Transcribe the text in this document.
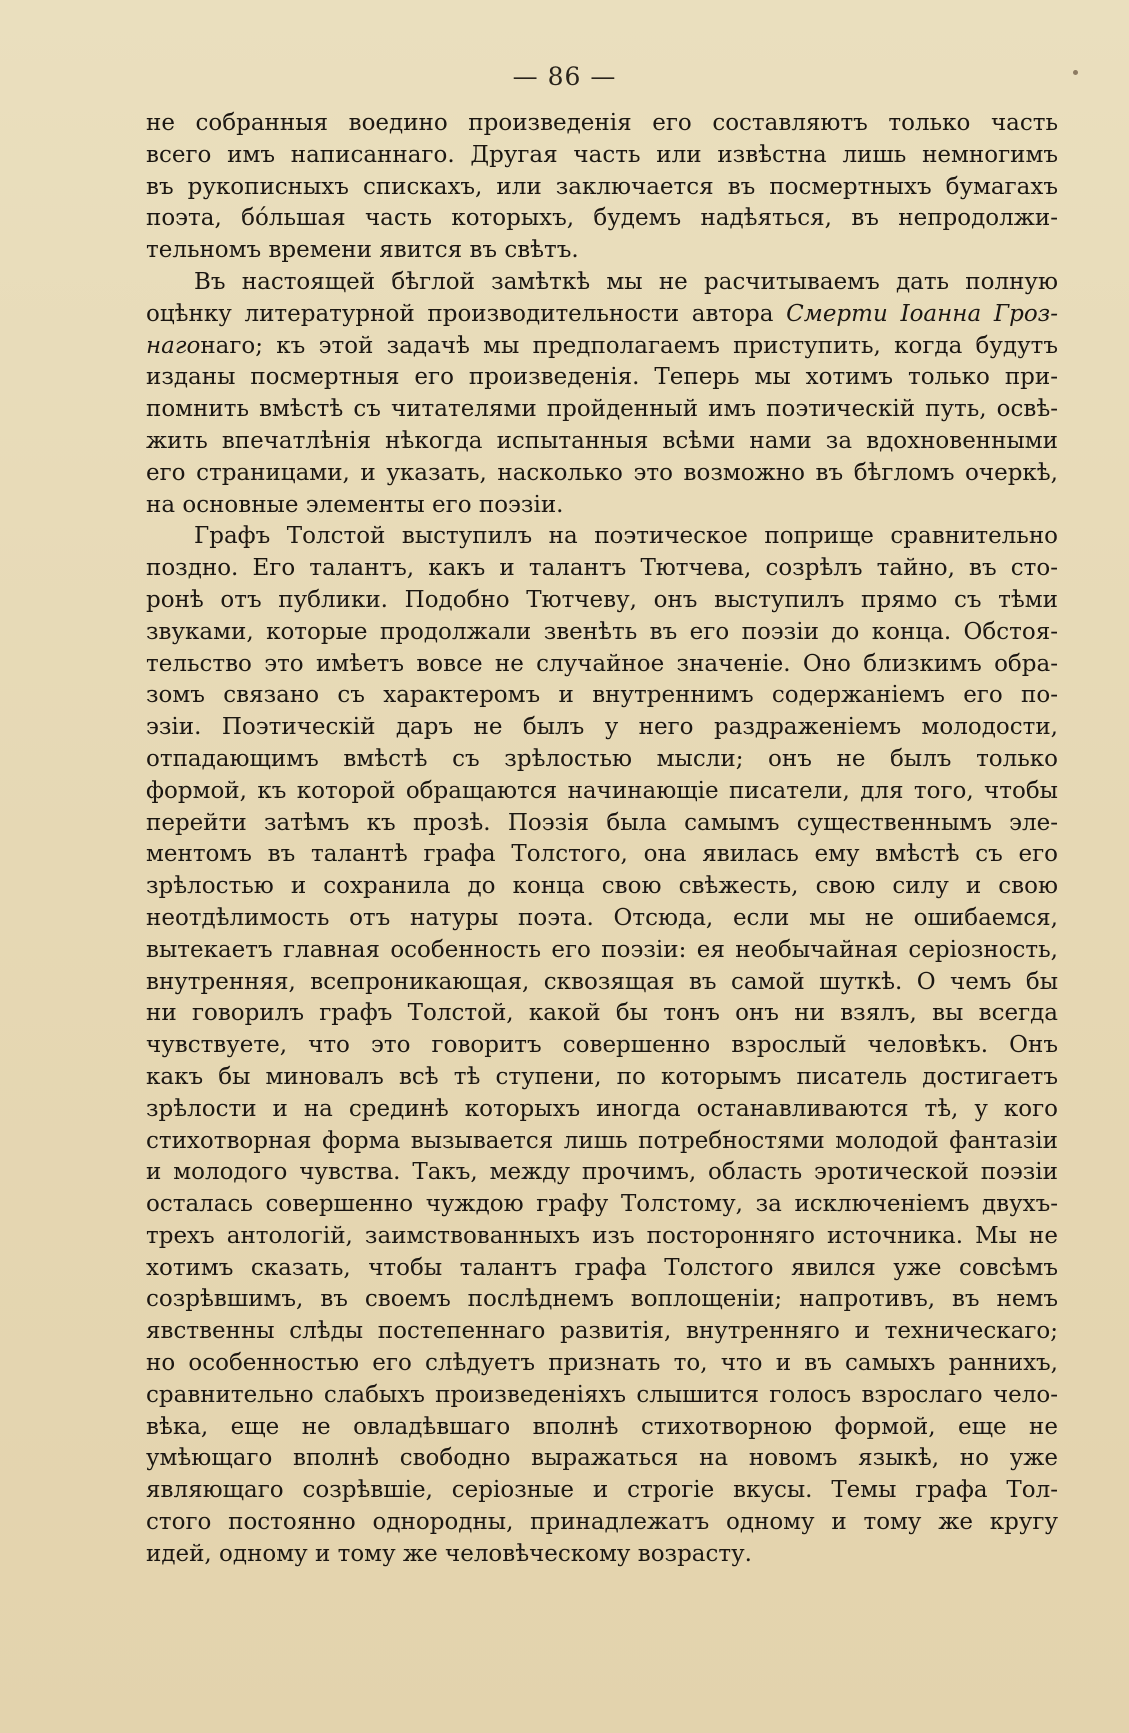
— 86 —
не собранныя воедино произведенія его составляютъ только часть
всего имъ написаннаго. Другая часть или извѣстна лишь немногимъ
въ рукописныхъ спискахъ, или заключается въ посмертныхъ бумагахъ
поэта, бо́льшая часть которыхъ, будемъ надѣяться, въ непродолжи-
тельномъ времени явится въ свѣтъ.
Въ настоящей бѣглой замѣткѣ мы не расчитываемъ дать полную
оцѣнку литературной производительности автора Смерти Іоанна Гроз-
нагонаго; къ этой задачѣ мы предполагаемъ приступить, когда будутъ
изданы посмертныя его произведенія. Теперь мы хотимъ только при-
помнить вмѣстѣ съ читателями пройденный имъ поэтическій путь, освѣ-
жить впечатлѣнія нѣкогда испытанныя всѣми нами за вдохновенными
его страницами, и указать, насколько это возможно въ бѣгломъ очеркѣ,
на основные элементы его поэзіи.
Графъ Толстой выступилъ на поэтическое поприще сравнительно
поздно. Его талантъ, какъ и талантъ Тютчева, созрѣлъ тайно, въ сто-
ронѣ отъ публики. Подобно Тютчеву, онъ выступилъ прямо съ тѣми
звуками, которые продолжали звенѣть въ его поэзіи до конца. Обстоя-
тельство это имѣетъ вовсе не случайное значеніе. Оно близкимъ обра-
зомъ связано съ характеромъ и внутреннимъ содержаніемъ его по-
эзіи. Поэтическій даръ не былъ у него раздраженіемъ молодости,
отпадающимъ вмѣстѣ съ зрѣлостью мысли; онъ не былъ только
формой, къ которой обращаются начинающіе писатели, для того, чтобы
перейти затѣмъ къ прозѣ. Поэзія была самымъ существеннымъ эле-
ментомъ въ талантѣ графа Толстого, она явилась ему вмѣстѣ съ его
зрѣлостью и сохранила до конца свою свѣжесть, свою силу и свою
неотдѣлимость отъ натуры поэта. Отсюда, если мы не ошибаемся,
вытекаетъ главная особенность его поэзіи: ея необычайная серіозность,
внутренняя, всепроникающая, сквозящая въ самой шуткѣ. О чемъ бы
ни говорилъ графъ Толстой, какой бы тонъ онъ ни взялъ, вы всегда
чувствуете, что это говоритъ совершенно взрослый человѣкъ. Онъ
какъ бы миновалъ всѣ тѣ ступени, по которымъ писатель достигаетъ
зрѣлости и на срединѣ которыхъ иногда останавливаются тѣ, у кого
стихотворная форма вызывается лишь потребностями молодой фантазіи
и молодого чувства. Такъ, между прочимъ, область эротической поэзіи
осталась совершенно чуждою графу Толстому, за исключеніемъ двухъ-
трехъ антологій, заимствованныхъ изъ посторонняго источника. Мы не
хотимъ сказать, чтобы талантъ графа Толстого явился уже совсѣмъ
созрѣвшимъ, въ своемъ послѣднемъ воплощеніи; напротивъ, въ немъ
явственны слѣды постепеннаго развитія, внутренняго и техническаго;
но особенностью его слѣдуетъ признать то, что и въ самыхъ раннихъ,
сравнительно слабыхъ произведеніяхъ слышится голосъ взрослаго чело-
вѣка, еще не овладѣвшаго вполнѣ стихотворною формой, еще не
умѣющаго вполнѣ свободно выражаться на новомъ языкѣ, но уже
являющаго созрѣвшіе, серіозные и строгіе вкусы. Темы графа Тол-
стого постоянно однородны, принадлежатъ одному и тому же кругу
идей, одному и тому же человѣческому возрасту.
